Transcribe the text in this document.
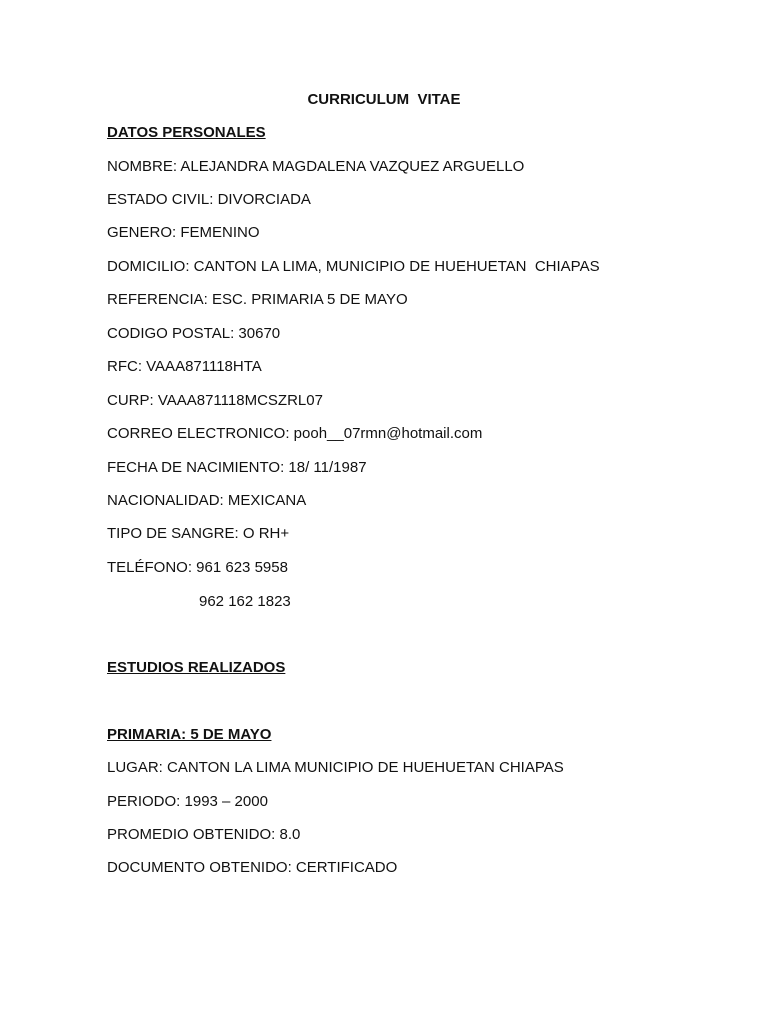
CURRICULUM  VITAE
DATOS PERSONALES
NOMBRE: ALEJANDRA MAGDALENA VAZQUEZ ARGUELLO
ESTADO CIVIL: DIVORCIADA
GENERO: FEMENINO
DOMICILIO: CANTON LA LIMA, MUNICIPIO DE HUEHUETAN  CHIAPAS
REFERENCIA: ESC. PRIMARIA 5 DE MAYO
CODIGO POSTAL: 30670
RFC: VAAA871118HTA
CURP: VAAA871118MCSZRL07
CORREO ELECTRONICO: pooh__07rmn@hotmail.com
FECHA DE NACIMIENTO: 18/ 11/1987
NACIONALIDAD: MEXICANA
TIPO DE SANGRE: O RH+
TELÉFONO: 961 623 5958
962 162 1823
ESTUDIOS REALIZADOS
PRIMARIA: 5 DE MAYO
LUGAR: CANTON LA LIMA MUNICIPIO DE HUEHUETAN CHIAPAS
PERIODO: 1993 – 2000
PROMEDIO OBTENIDO: 8.0
DOCUMENTO OBTENIDO: CERTIFICADO
